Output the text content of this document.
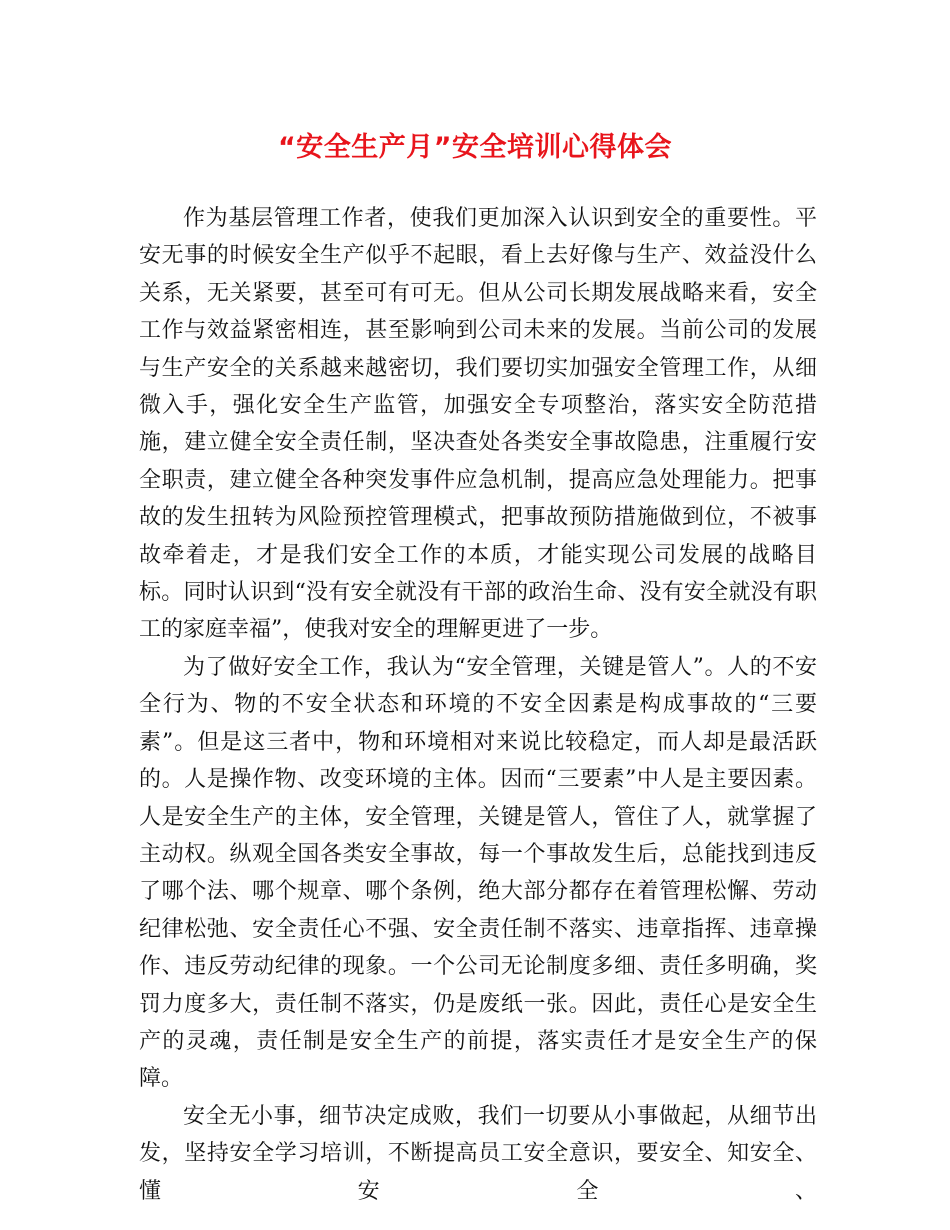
“安全生产月”安全培训心得体会

作为基层管理工作者，使我们更加深入认识到安全的重要性。平安无事的时候安全生产似乎不起眼，看上去好像与生产、效益没什么关系，无关紧要，甚至可有可无。但从公司长期发展战略来看，安全工作与效益紧密相连，甚至影响到公司未来的发展。当前公司的发展与生产安全的关系越来越密切，我们要切实加强安全管理工作，从细微入手，强化安全生产监管，加强安全专项整治，落实安全防范措施，建立健全安全责任制，坚决查处各类安全事故隐患，注重履行安全职责，建立健全各种突发事件应急机制，提高应急处理能力。把事故的发生扭转为风险预控管理模式，把事故预防措施做到位，不被事故牵着走，才是我们安全工作的本质，才能实现公司发展的战略目标。同时认识到“没有安全就没有干部的政治生命、没有安全就没有职工的家庭幸福”，使我对安全的理解更进了一步。

为了做好安全工作，我认为“安全管理，关键是管人”。人的不安全行为、物的不安全状态和环境的不安全因素是构成事故的“三要素”。但是这三者中，物和环境相对来说比较稳定，而人却是最活跃的。人是操作物、改变环境的主体。因而“三要素”中人是主要因素。人是安全生产的主体，安全管理，关键是管人，管住了人，就掌握了主动权。纵观全国各类安全事故，每一个事故发生后，总能找到违反了哪个法、哪个规章、哪个条例，绝大部分都存在着管理松懈、劳动纪律松弛、安全责任心不强、安全责任制不落实、违章指挥、违章操作、违反劳动纪律的现象。一个公司无论制度多细、责任多明确，奖罚力度多大，责任制不落实，仍是废纸一张。因此，责任心是安全生产的灵魂，责任制是安全生产的前提，落实责任才是安全生产的保障。

安全无小事，细节决定成败，我们一切要从小事做起，从细节出发，坚持安全学习培训，不断提高员工安全意识，要安全、知安全、懂安全、
